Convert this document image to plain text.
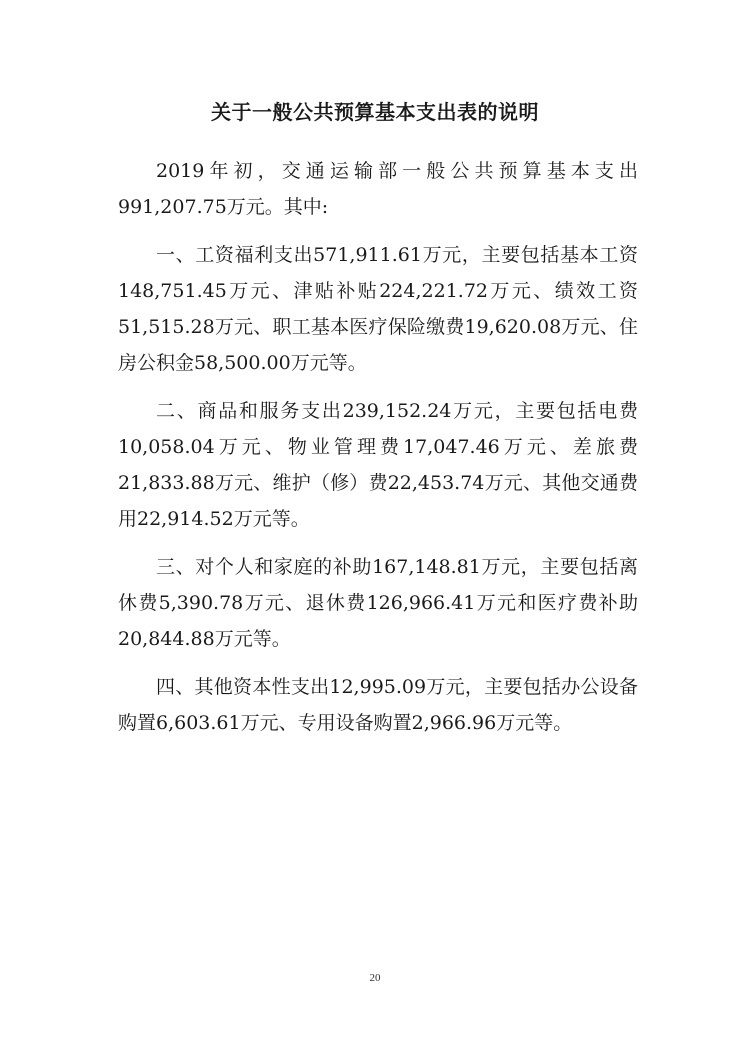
关于一般公共预算基本支出表的说明

2019年初，交通运输部一般公共预算基本支出991,207.75万元。其中:

一、工资福利支出571,911.61万元，主要包括基本工资148,751.45万元、津贴补贴224,221.72万元、绩效工资51,515.28万元、职工基本医疗保险缴费19,620.08万元、住房公积金58,500.00万元等。

二、商品和服务支出239,152.24万元，主要包括电费10,058.04万元、物业管理费17,047.46万元、差旅费21,833.88万元、维护（修）费22,453.74万元、其他交通费用22,914.52万元等。

三、对个人和家庭的补助167,148.81万元，主要包括离休费5,390.78万元、退休费126,966.41万元和医疗费补助20,844.88万元等。

四、其他资本性支出12,995.09万元，主要包括办公设备购置6,603.61万元、专用设备购置2,966.96万元等。

20
